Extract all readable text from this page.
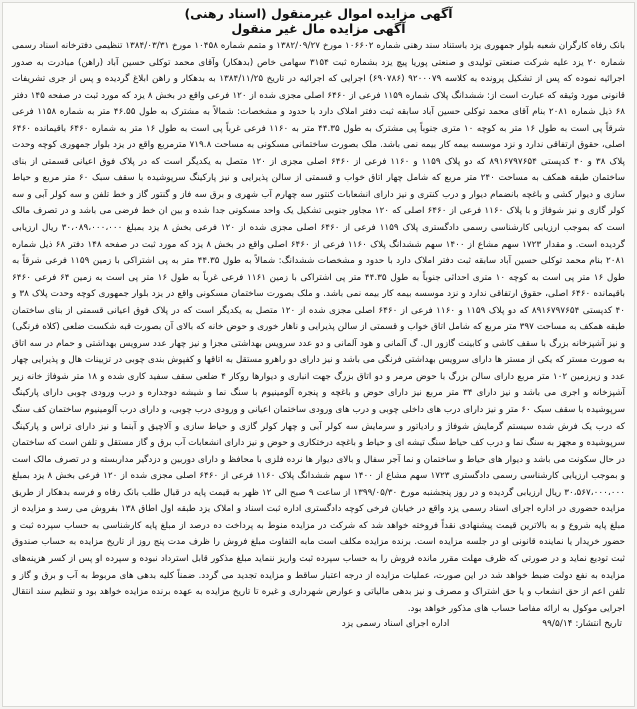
آگهی مزایده اموال غیرمنقول (اسناد رهنی)
آگهی مزایده مال غیر منقول
بانک رفاه کارگران شعبه بلوار جمهوری یزد باستناد سند رهنی شماره ۱۰۶۶۰۲ مورخ ۱۳۸۲/۰۹/۲۷ و متمم شماره ۱۰۴۵۸ مورخ ۱۳۸۴/۰۳/۳۱ تنظیمی دفترخانه اسناد رسمی شماره ۲۰ یزد علیه شرکت صنعتی تولیدی و صنعتی پوریا پیچ یزد بشماره ثبت ۳۱۵۴ سهامی خاص (بدهکار) وآقای محمد توکلی حسین آباد (راهن) مبادرت به صدور اجرائیه نموده که پس از تشکیل پرونده به کلاسه ۹۲۰۰۰۷۹ (۶۹۰۷۸۶) اجرایی که اجرائیه در تاریخ ۱۳۸۴/۱۱/۲۵ به بدهکار و راهن ابلاغ گردیده و پس از جری تشریفات قانونی مورد وثیقه که عبارت است از: ششدانگ پلاک شماره ۱۱۵۹ فرعی از ۶۴۶۰ اصلی مجزی شده از ۱۲۰ فرعی واقع در بخش ۸ یزد که مورد ثبت در صفحه ۱۴۵ دفتر ۶۸ ذیل شماره ۲۰۸۱ بنام آقای محمد توکلی حسین آباد سابقه ثبت دفتر املاک دارد با حدود و مشخصات: شمالاً به مشترک به طول ۴۶.۵۵ متر به شماره ۱۱۵۸ فرعی شرقاً پی است به طول ۱۶ متر به کوچه ۱۰ متری جنوباً پی مشترک به طول ۴۴.۳۵ متر به ۱۱۶۰ فرعی غرباً پی است به طول ۱۶ متر به شماره ۶۴۶۰ باقیمانده ۶۴۶۰ اصلی، حقوق ارتفاقی ندارد و نزد موسسه بیمه کار بیمه نمی باشد. ملک بصورت ساختمانی مسکونی به مساحت ۷۱۹.۸ مترمربع واقع در یزد بلوار جمهوری کوچه وحدت پلاک ۳۸ و ۴۰ کدپستی ۸۹۱۶۷۹۷۶۵۴ که دو پلاک ۱۱۵۹ و ۱۱۶۰ فرعی از ۶۴۶۰ اصلی مجزی از ۱۲۰ متصل به یکدیگر است که در پلاک فوق اعیانی قسمتی از بنای ساختمان طبقه همکف به مساحت ۲۴۰ متر مربع که شامل چهار اتاق خواب و قسمتی از سالن پذیرایی و نیز پارکینگ سرپوشیده با سقف سبک ۶۰ متر مربع و حیاط سازی و دیوار کشی و باغچه بانضمام دیوار و درب کنتری و نیز دارای انشعابات کنتور سه چهارم آب شهری و برق سه فاز و گنتور گاز و خط تلفن و سه کولر آبی و سه کولر گازی و نیز شوفاژ و با پلاک ۱۱۶۰ فرعی از ۶۴۶۰ اصلی که ۱۲۰ مجاور جنوبی تشکیل یک واحد مسکونی جدا شده و بین ان خط فرضی می باشد و در تصرف مالک است که بموجب ارزیابی کارشناسی رسمی دادگستری پلاک ۱۱۵۹ فرعی از ۶۴۶۰ اصلی مجزی شده از ۱۲۰ فرعی بخش ۸ یزد بمبلغ ۳۰،۰۸۹،۰۰۰،۰۰۰ ریال ارزیابی گردیده است. و مقدار ۱۷۲۳ سهم مشاع از ۱۴۰۰ سهم ششدانگ پلاک ۱۱۶۰ فرعی از ۶۴۶۰ اصلی واقع در بخش ۸ یزد که مورد ثبت در صفحه ۱۴۸ دفتر ۶۸ ذیل شماره ۲۰۸۱ بنام محمد توکلی حسین آباد سابقه ثبت دفتر املاک دارد با حدود و مشخصات ششدانگ: شمالاً به طول ۴۴.۳۵ متر به پی اشتراکی با زمین ۱۱۵۹ فرعی شرقاً به طول ۱۶ متر پی است به کوچه ۱۰ متری احداثی جنوباً به طول ۴۴.۳۵ متر پی اشتراکی با زمین ۱۱۶۱ فرعی غرباً به طول ۱۶ متر پی است به زمین ۶۴ فرعی ۶۴۶۰ باقیمانده ۶۴۶۰ اصلی، حقوق ارتفاقی ندارد و نزد موسسه بیمه کار بیمه نمی باشد. و ملک بصورت ساختمان مسکونی واقع در یزد بلوار جمهوری کوچه وحدت پلاک ۳۸ و ۴۰ کدپستی ۸۹۱۶۷۹۷۶۵۴ که دو پلاک ۱۱۵۹ و ۱۱۶۰ فرعی از ۶۴۶۰ اصلی مجزی شده از ۱۲۰ متصل به یکدیگر است که در پلاک فوق اعیانی قسمتی از بنای ساختمان طبقه همکف به مساحت ۳۹۷ متر مربع که شامل اتاق خواب و قسمتی از سالن پذیرایی و ناهار خوری و حوض خانه که بالای آن بصورت قبه شکست ضلعی (کلاه فرنگی) و نیز آشپزخانه بزرگ با سقف کاشی و کابینت گازور ال. گ آلمانی و هود آلمانی و دو عدد سرویس بهداشتی مجزا و نیز چهار عدد سرویس بهداشتی و حمام در سه اتاق به صورت مستر که یکی از مستر ها دارای سرویس بهداشتی فرنگی می باشد و نیز دارای دو راهرو مستقل به اتاقها و کفپوش بندی چوبی در تزیینات هال و پذیرایی چهار عدد و زیرزمین ۱۰۲ متر مربع دارای سالن بزرگ با حوض مرمر و دو اتاق بزرگ جهت انباری و دیوارها روکار ۴ ضلعی سقف سفید کاری شده و ۱۸ متر شوفاژ خانه زیر آشپزخانه و اجری می باشد و نیز دارای ۳۴ متر مربع نیز دارای حوض و باغچه و پنجره آلومینیوم با سنگ نما و شیشه دوجداره و درب ورودی چوبی دارای پارکینگ سرپوشیده با سقف سبک ۶۰ متر و نیز دارای درب های داخلی چوبی و درب های ورودی ساختمان اعیانی و ورودی درب چوبی، و دارای درب آلومینیوم ساختمان کف سنگ که درب یک فرش شده سیستم گرمایش شوفاژ و رادیاتور و سرمایش سه کولر آبی و چهار کولر گازی و حیاط سازی و آلاچیق و آبنما و نیز دارای تراس و پارکینگ سرپوشیده و مجهز به سنگ نما و درب کف حیاط سنگ تیشه ای و حیاط و باغچه درختکاری و حوض و نیز دارای انشعابات آب برق و گاز مستقل و تلفن است که ساختمان در حال سکونت می باشد و دیوار های حیاط و ساختمان و نما آجر سفال و بالای دیوار ها نرده فلزی با محافظ و دارای دوربین و دزدگیر مداربسته و در تصرف مالک است و بموجب ارزیابی کارشناسی رسمی دادگستری ۱۷۲۳ سهم مشاع از ۱۴۰۰ سهم ششدانگ پلاک ۱۱۶۰ فرعی از ۶۴۶۰ اصلی مجزی شده از ۱۲۰ فرعی بخش ۸ یزد بمبلغ ۳۰،۵۶۷،۰۰۰،۰۰۰ ریال ارزیابی گردیده و در روز پنجشنبه مورخ ۱۳۹۹/۰۵/۳۰ از ساعت ۹ صبح الی ۱۲ ظهر به قیمت پایه در قبال طلب بانک رفاه و فرسه بدهکار از طریق مزایده حضوری در اداره اجرای اسناد رسمی یزد واقع در خیابان فرخی کوچه دادگستری اداره ثبت اسناد و املاک یزد طبقه اول اطاق ۱۳۸ بفروش می رسد و مزایده از مبلغ پایه شروع و به بالاترین قیمت پیشنهادی نقداً فروخته خواهد شد که شرکت در مزایده منوط به پرداخت ده درصد از مبلغ پایه کارشناسی به حساب سپرده ثبت و حضور خریدار یا نماینده قانونی او در جلسه مزایده است. برنده مزایده مکلف است مابه التفاوت مبلغ فروش را ظرف مدت پنج روز از تاریخ مزایده به حساب صندوق ثبت تودیع نماید و در صورتی که ظرف مهلت مقرر مانده فروش را به حساب سپرده ثبت واریز ننماید مبلغ مذکور قابل استرداد نبوده و سپرده او پس از کسر هزینه‌های مزایده به نفع دولت ضبط خواهد شد در این صورت، عملیات مزایده از درجه اعتبار ساقط و مزایده تجدید می گردد. ضمناً کلیه بدهی های مربوط به آب و برق و گاز و تلفن اعم از حق انشعاب و یا حق اشتراک و مصرف و نیز بدهی مالیاتی و عوارض شهرداری و غیره تا تاریخ مزایده به عهده برنده مزایده خواهد بود و تنظیم سند انتقال اجرایی موکول به ارائه مفاصا حساب های مذکور خواهد بود.
تاریخ انتشار: ۹۹/۵/۱۴ اداره اجرای اسناد رسمی یزد
